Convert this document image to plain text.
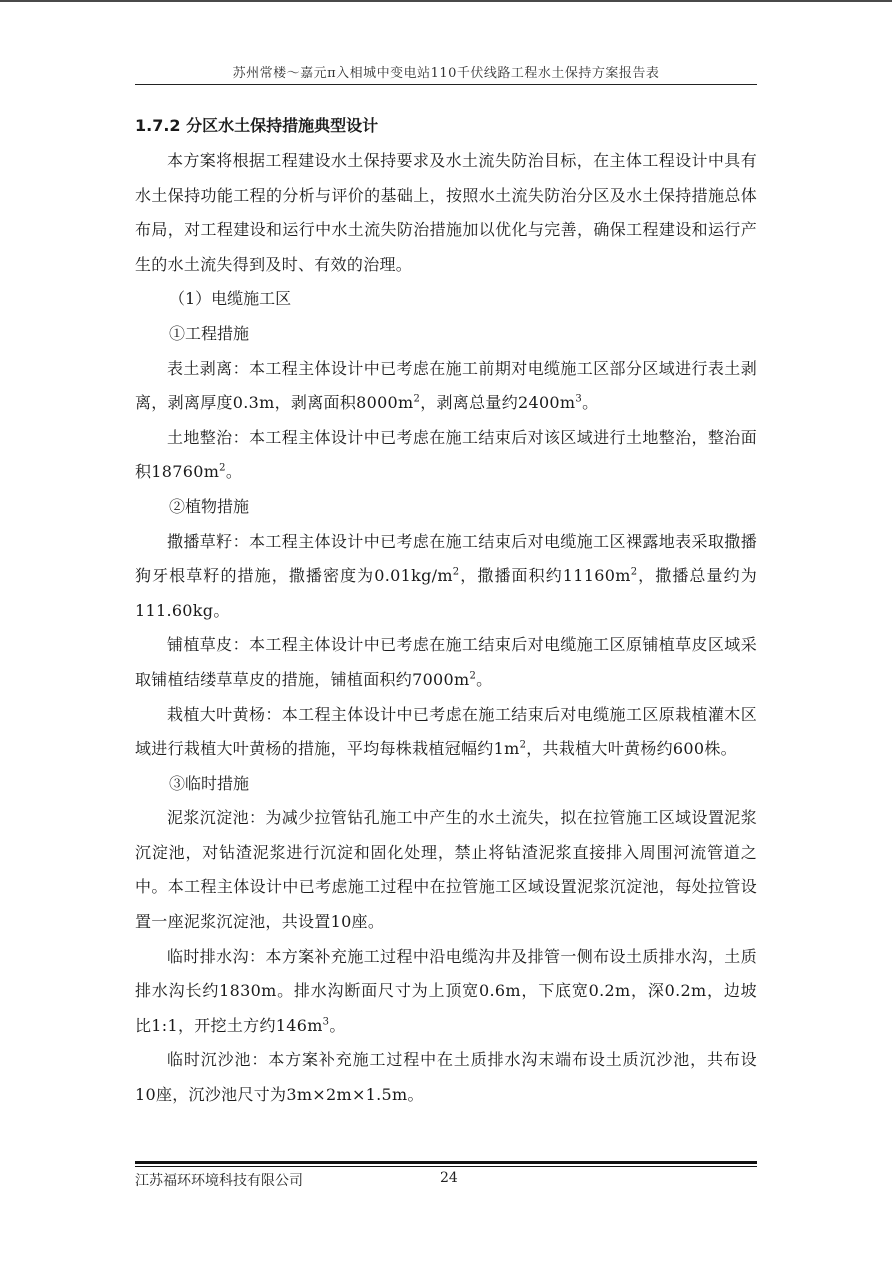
苏州常楼～嘉元π入相城中变电站110千伏线路工程水土保持方案报告表

1.7.2 分区水土保持措施典型设计

本方案将根据工程建设水土保持要求及水土流失防治目标，在主体工程设计中具有水土保持功能工程的分析与评价的基础上，按照水土流失防治分区及水土保持措施总体布局，对工程建设和运行中水土流失防治措施加以优化与完善，确保工程建设和运行产生的水土流失得到及时、有效的治理。

（1）电缆施工区

①工程措施

表土剥离：本工程主体设计中已考虑在施工前期对电缆施工区部分区域进行表土剥离，剥离厚度0.3m，剥离面积$8000m^2$，剥离总量约$2400m^3$。

土地整治：本工程主体设计中已考虑在施工结束后对该区域进行土地整治，整治面积$18760m^2$。

②植物措施

撒播草籽：本工程主体设计中已考虑在施工结束后对电缆施工区裸露地表采取撒播狗牙根草籽的措施，撒播密度为$0.01kg/m^2$，撒播面积约$11160m^2$，撒播总量约为111.60kg。

铺植草皮：本工程主体设计中已考虑在施工结束后对电缆施工区原铺植草皮区域采取铺植结缕草草皮的措施，铺植面积约$7000m^2$。

栽植大叶黄杨：本工程主体设计中已考虑在施工结束后对电缆施工区原栽植灌木区域进行栽植大叶黄杨的措施，平均每株栽植冠幅约$1m^2$，共栽植大叶黄杨约600株。

③临时措施

泥浆沉淀池：为减少拉管钻孔施工中产生的水土流失，拟在拉管施工区域设置泥浆沉淀池，对钻渣泥浆进行沉淀和固化处理，禁止将钻渣泥浆直接排入周围河流管道之中。本工程主体设计中已考虑施工过程中在拉管施工区域设置泥浆沉淀池，每处拉管设置一座泥浆沉淀池，共设置10座。

临时排水沟：本方案补充施工过程中沿电缆沟井及排管一侧布设土质排水沟，土质排水沟长约1830m。排水沟断面尺寸为上顶宽0.6m，下底宽0.2m，深0.2m，边坡比1:1，开挖土方约$146m^3$。

临时沉沙池：本方案补充施工过程中在土质排水沟末端布设土质沉沙池，共布设10座，沉沙池尺寸为3m×2m×1.5m。

江苏福环环境科技有限公司	24
